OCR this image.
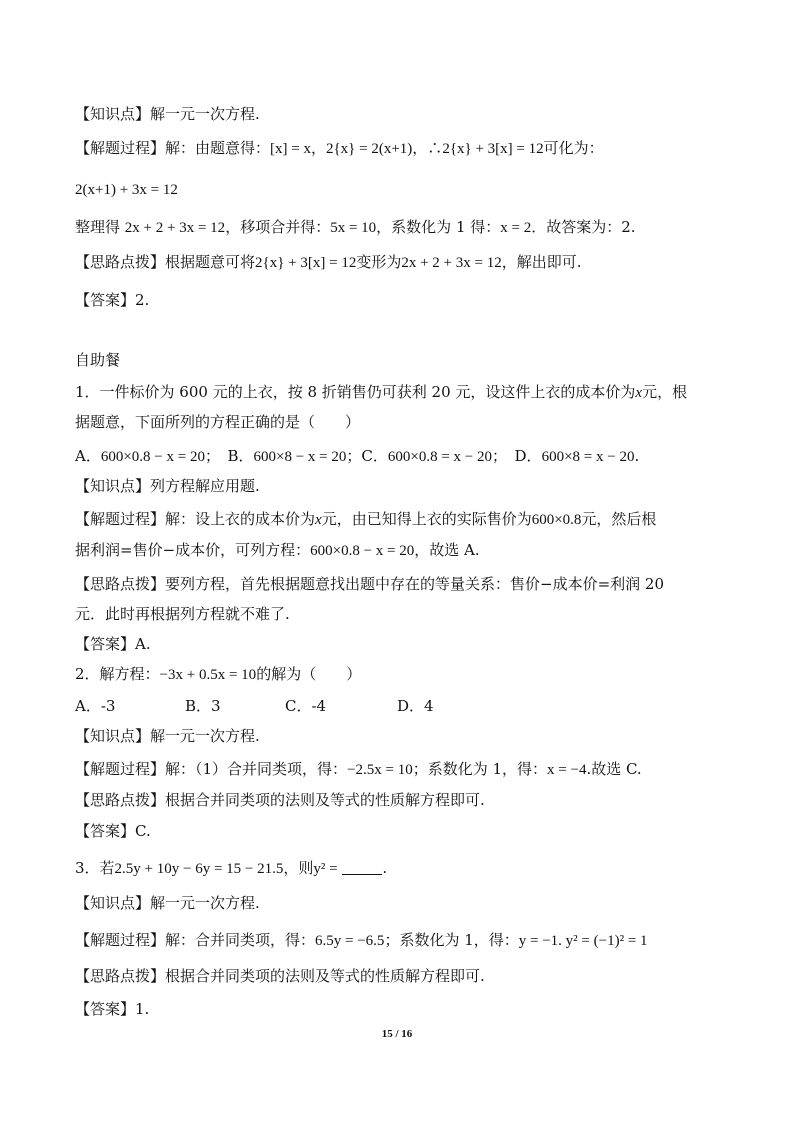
【知识点】解一元一次方程.
【解题过程】解：由题意得：[x] = x，2{x} = 2(x+1)，∴2{x} + 3[x] = 12可化为：
2(x+1) + 3x = 12
整理得 2x + 2 + 3x = 12，移项合并得：5x = 10，系数化为 1 得：x = 2．故答案为：2.
【思路点拨】根据题意可将2{x} + 3[x] = 12变形为2x + 2 + 3x = 12，解出即可.
【答案】2.
自助餐
1．一件标价为 600 元的上衣，按 8 折销售仍可获利 20 元，设这件上衣的成本价为x元，根
据题意，下面所列的方程正确的是（　　）
A．600×0.8 − x = 20；　B．600×8 − x = 20；C．600×0.8 = x − 20；　D．600×8 = x − 20.
【知识点】列方程解应用题.
【解题过程】解：设上衣的成本价为x元，由已知得上衣的实际售价为600×0.8元，然后根
据利润=售价−成本价，可列方程：600×0.8 − x = 20，故选 A.
【思路点拨】要列方程，首先根据题意找出题中存在的等量关系：售价−成本价=利润 20
元．此时再根据列方程就不难了.
【答案】A.
2．解方程：−3x + 0.5x = 10的解为（　　）
A．-3	B．3	C．-4	D．4
【知识点】解一元一次方程.
【解题过程】解：（1）合并同类项，得：−2.5x = 10；系数化为 1，得：x = −4.故选 C.
【思路点拨】根据合并同类项的法则及等式的性质解方程即可.
【答案】C.
3．若2.5y + 10y − 6y = 15 − 21.5，则y² =	.
【知识点】解一元一次方程.
【解题过程】解：合并同类项，得：6.5y = −6.5；系数化为 1，得：y = −1. y² = (−1)² = 1
【思路点拨】根据合并同类项的法则及等式的性质解方程即可.
【答案】1.
15 / 16
